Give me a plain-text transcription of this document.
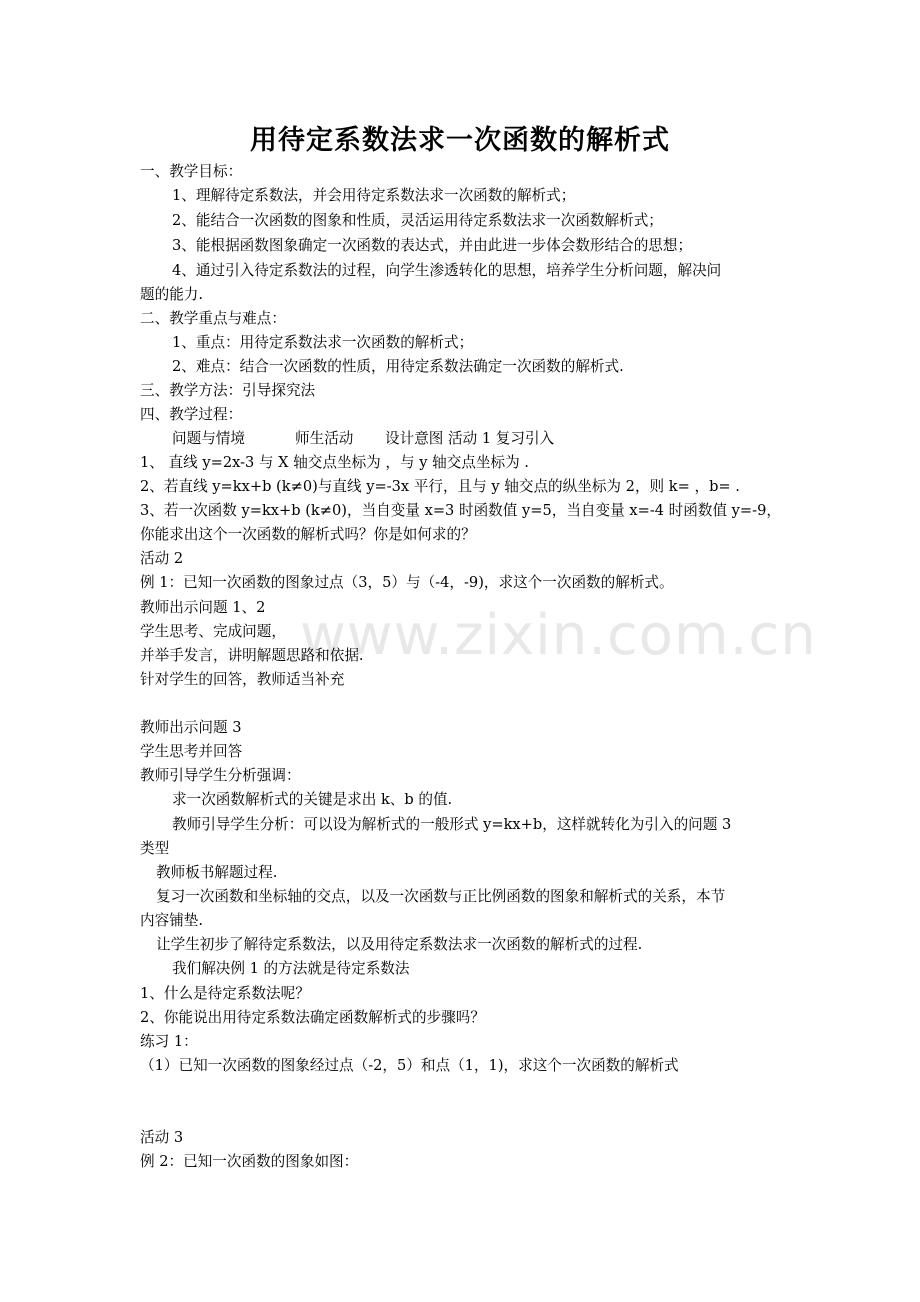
www.zixin.com.cn
用待定系数法求一次函数的解析式
一、教学目标：
1、理解待定系数法，并会用待定系数法求一次函数的解析式；
2、能结合一次函数的图象和性质，灵活运用待定系数法求一次函数解析式；
3、能根据函数图象确定一次函数的表达式，并由此进一步体会数形结合的思想；
4、通过引入待定系数法的过程，向学生渗透转化的思想，培养学生分析问题，解决问
题的能力.
二、教学重点与难点：
1、重点：用待定系数法求一次函数的解析式；
2、难点：结合一次函数的性质，用待定系数法确定一次函数的解析式.
三、教学方法：引导探究法
四、教学过程：
问题与情境	师生活动 设计意图 活动 1 复习引入
1、 直线 y=2x-3 与 X 轴交点坐标为 ，与 y 轴交点坐标为 .
2、若直线 y=kx+b (k≠0)与直线 y=-3x 平行，且与 y 轴交点的纵坐标为 2，则 k= ，b= .
3、若一次函数 y=kx+b (k≠0)，当自变量 x=3 时函数值 y=5，当自变量 x=-4 时函数值 y=-9，
你能求出这个一次函数的解析式吗？你是如何求的？
活动 2
例 1：已知一次函数的图象过点（3，5）与（-4，-9)，求这个一次函数的解析式。
教师出示问题 1、2
学生思考、完成问题，
并举手发言，讲明解题思路和依据.
针对学生的回答，教师适当补充
教师出示问题 3
学生思考并回答
教师引导学生分析强调：
求一次函数解析式的关键是求出 k、b 的值.
教师引导学生分析：可以设为解析式的一般形式 y=kx+b，这样就转化为引入的问题 3
类型
教师板书解题过程.
复习一次函数和坐标轴的交点，以及一次函数与正比例函数的图象和解析式的关系，本节
内容铺垫.
让学生初步了解待定系数法，以及用待定系数法求一次函数的解析式的过程.
我们解决例 1 的方法就是待定系数法
1、什么是待定系数法呢？
2、你能说出用待定系数法确定函数解析式的步骤吗？
练习 1：
（1）已知一次函数的图象经过点（-2，5）和点（1，1)，求这个一次函数的解析式
活动 3
例 2：已知一次函数的图象如图：
